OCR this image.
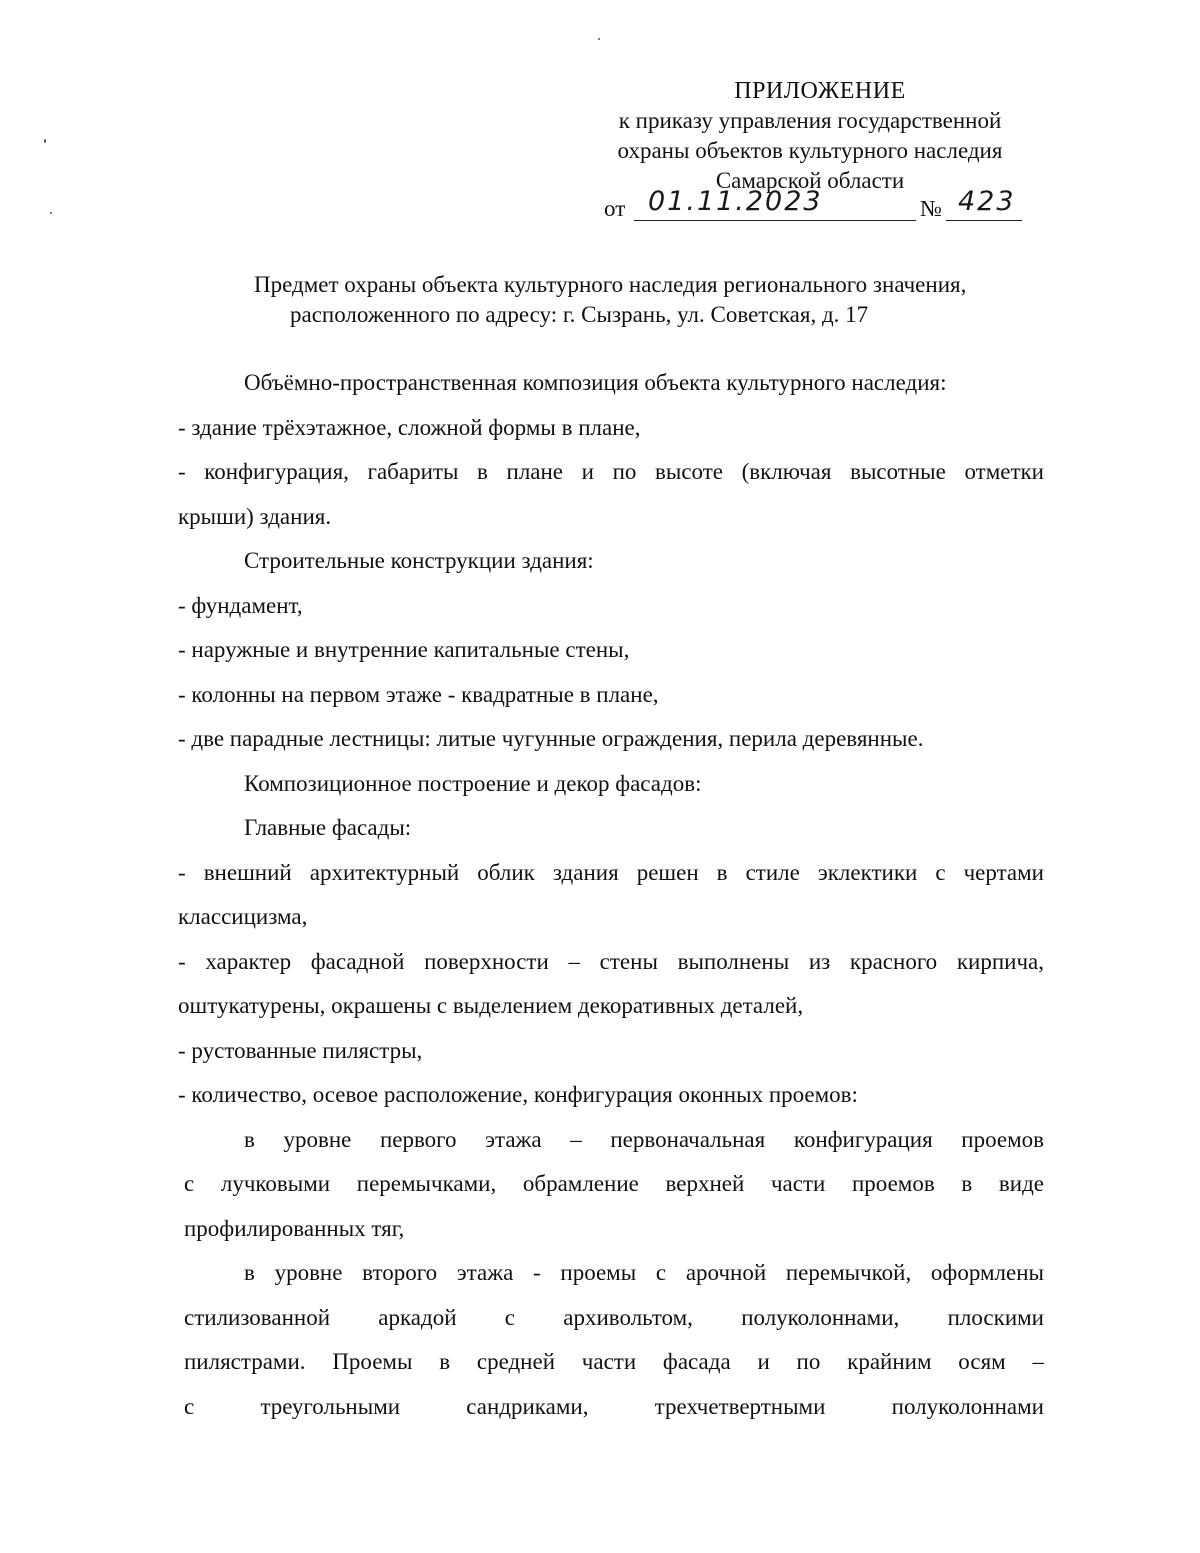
ПРИЛОЖЕНИЕ
к приказу управления государственной
охраны объектов культурного наследия
Самарской области
от 01.11.2023	№ 423
Предмет охраны объекта культурного наследия регионального значения,
расположенного по адресу: г. Сызрань, ул. Советская, д. 17
Объёмно-пространственная композиция объекта культурного наследия:
- здание трёхэтажное, сложной формы в плане,
- конфигурация, габариты в плане и по высоте (включая высотные отметки
крыши) здания.
Строительные конструкции здания:
- фундамент,
- наружные и внутренние капитальные стены,
- колонны на первом этаже - квадратные в плане,
- две парадные лестницы: литые чугунные ограждения, перила деревянные.
Композиционное построение и декор фасадов:
Главные фасады:
- внешний архитектурный облик здания решен в стиле эклектики с чертами
классицизма,
- характер фасадной поверхности – стены выполнены из красного кирпича,
оштукатурены, окрашены с выделением декоративных деталей,
- рустованные пилястры,
- количество, осевое расположение, конфигурация оконных проемов:
в уровне первого этажа – первоначальная конфигурация проемов
с лучковыми перемычками, обрамление верхней части проемов в виде
профилированных тяг,
в уровне второго этажа - проемы с арочной перемычкой, оформлены
стилизованной аркадой с архивольтом, полуколоннами, плоскими
пилястрами. Проемы в средней части фасада и по крайним осям –
с треугольными сандриками, трехчетвертными полуколоннами
